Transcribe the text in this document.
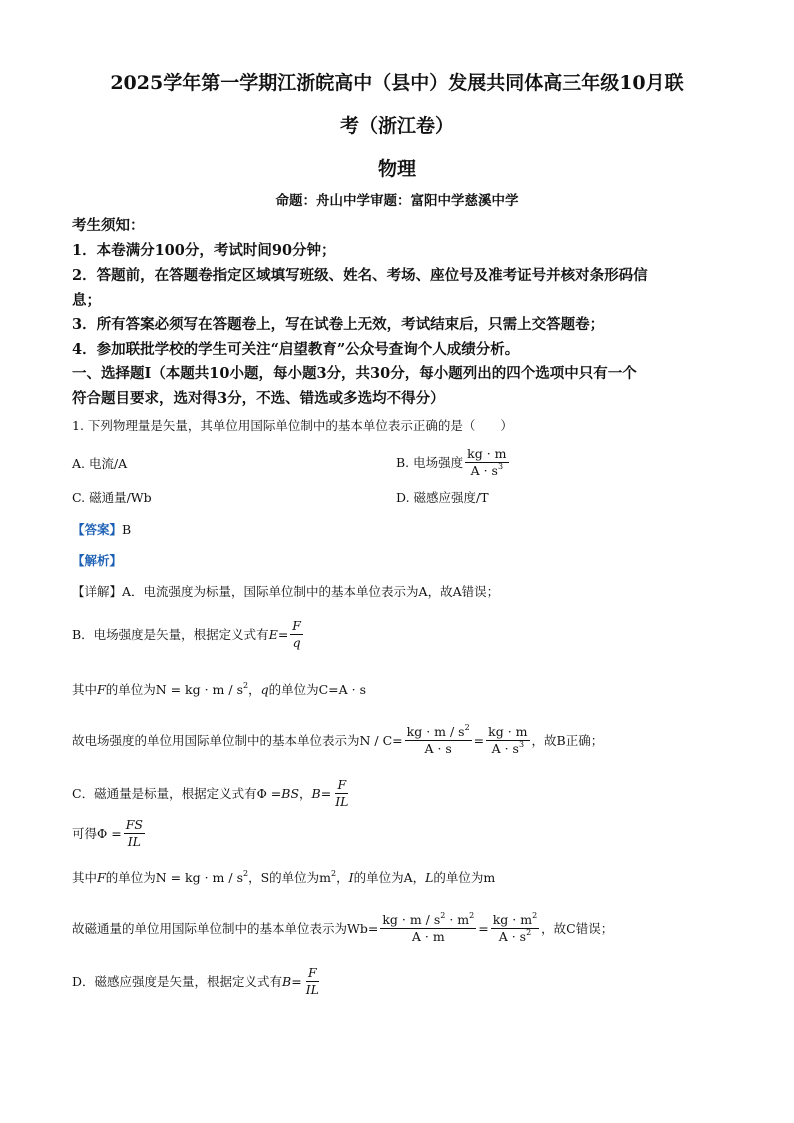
2025学年第一学期江浙皖高中（县中）发展共同体高三年级10月联
考（浙江卷）
物理
命题：舟山中学审题：富阳中学慈溪中学
考生须知：
1．本卷满分100分，考试时间90分钟；
2．答题前，在答题卷指定区域填写班级、姓名、考场、座位号及准考证号并核对条形码信
息；
3．所有答案必须写在答题卷上，写在试卷上无效，考试结束后，只需上交答题卷；
4．参加联批学校的学生可关注“启望教育”公众号查询个人成绩分析。
一、选择题Ⅰ（本题共10小题，每小题3分，共30分，每小题列出的四个选项中只有一个
符合题目要求，选对得3分，不选、错选或多选均不得分）
1. 下列物理量是矢量，其单位用国际单位制中的基本单位表示正确的是（　　）
A. 电流/A	B. 电场强度 $\frac{kg \cdot m}{A \cdot s^3}$
C. 磁通量/Wb	D. 磁感应强度/T
【答案】B
【解析】
【详解】A．电流强度为标量，国际单位制中的基本单位表示为A，故A错误；
B．电场强度是矢量，根据定义式有 $E = \frac{F}{q}$
其中F的单位为N = kg · m / $s^2$，q的单位为C=A · s
故电场强度的单位用国际单位制中的基本单位表示为$N / C= \frac{kg \cdot m / s^2}{A \cdot s} = \frac{kg \cdot m}{A \cdot s^3}$ ，故B正确；
C．磁通量是标量，根据定义式有Φ = BS ， $B = \frac{F}{IL}$
可得$\Phi = \frac{FS}{IL}$
其中F的单位为N = kg · m / $s^2$，S的单位为$m^2$，I的单位为A，L的单位为m
故磁通量的单位用国际单位制中的基本单位表示为$Wb= \frac{kg \cdot m / s^2 \cdot m^2}{A \cdot m} = \frac{kg \cdot m^2}{A \cdot s^2}$ ，故C错误；
D．磁感应强度是矢量，根据定义式有 $B = \frac{F}{IL}$
